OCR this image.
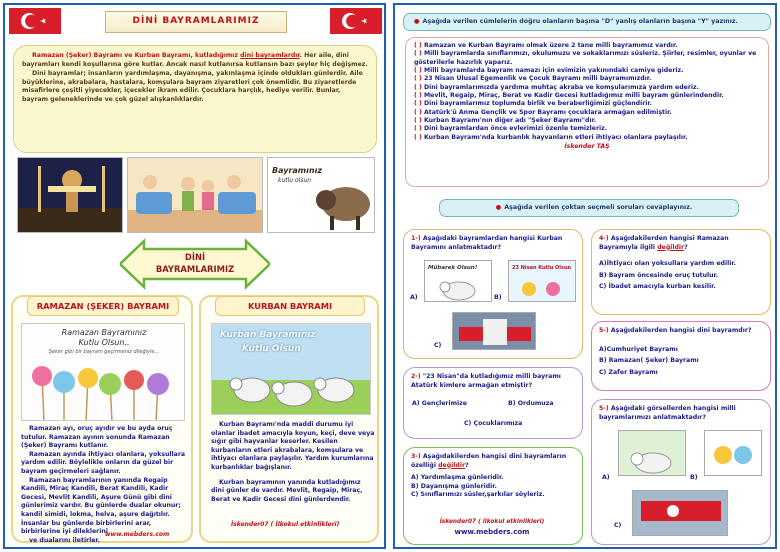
DİNİ BAYRAMLARIMIZ

Ramazan (Şeker) Bayramı ve Kurban Bayramı, kutladığımız dini bayramlardır. Her aile, dini bayramları kendi koşullarına göre kutlar. Ancak nasıl kutlanırsa kutlansın bazı şeyler hiç değişmez.

Dini bayramlar; insanların yardımlaşma, dayanışma, yakınlaşma içinde oldukları günlerdir. Aile büyüklerine, akrabalara, hastalara, komşulara bayram ziyaretleri çok önemlidir. Bu ziyaretlerde misafirlere çeşitli yiyecekler, içecekler ikram edilir. Çocuklara harçlık, hediye verilir. Bunlar, bayram geleneklerinde ve çok güzel alışkanlıklardır.

Bayramınız
kutlu olsun
DİNİ
BAYRAMLARIMIZ
RAMAZAN (ŞEKER) BAYRAMI
Ramazan Bayramınız
Kutlu Olsun..
Şeker gibi bir bayram geçirmeniz dileğiyle...

Ramazan ayı, oruç ayıdır ve bu ayda oruç tutulur. Ramazan ayının sonunda Ramazan (Şeker) Bayramı kutlanır.

Ramazan ayında ihtiyacı olanlara, yoksullara yardım edilir. Böylelikle onların da güzel bir bayram geçirmeleri sağlanır.

Ramazan bayramlarının yanında Regaip Kandili, Miraç Kandili, Berat Kandili, Kadir Gecesi, Mevlit Kandili, Aşure Günü gibi dini günlerimiz vardır. Bu günlerde dualar okunur; kandil simidi, lokma, helva, aşure dağıtılır. İnsanlar bu günlerde birbirlerini arar, birbirlerine iyi dileklerini

ve dualarını iletirler.

www.mebders.com
KURBAN BAYRAMI
Kurban Bayramınız
Kutlu Olsun

Kurban Bayramı'nda maddi durumu iyi olanlar ibadet amacıyla koyun, keçi, deve veya sığır gibi hayvanlar keserler. Kesilen kurbanların etleri akrabalara, komşulara ve ihtiyacı olanlara paylaşılır. Yardım kurumlarına kurbanlıklar bağışlanır.

Kurban bayramının yanında kutladığımız dini günler de vardır. Mevlit, Regaip, Miraç, Berat ve Kadir Gecesi dini günlerdendir.

İskender07 ( İlkokul etkinlikleri)
● Aşağıda verilen cümlelerin doğru olanların başına "D" yanlış olanların başına "Y" yazınız.
( ) Ramazan ve Kurban Bayramı olmak üzere 2 tane milli bayramımız vardır.
( ) Milli bayramlarda sınıflarımızı, okulumuzu ve sokaklarımızı süsleriz. Şiirler, resimler, oyunlar ve gösterilerle hazırlık yaparız.
( ) Milli bayramlarda bayram namazı için evimizin yakınındaki camiye gideriz.
( ) 23 Nisan Ulusal Egemenlik ve Çocuk Bayramı milli bayramımızdır.
( ) Dini bayramlarımızda yardıma muhtaç akraba ve komşularımıza yardım ederiz.
( ) Mevlit, Regaip, Miraç, Berat ve Kadir Gecesi kutladığımız milli bayram günlerindendir.
( ) Dini bayramlarımız toplumda birlik ve beraberliğimizi güçlendirir.
( ) Atatürk'ü Anma Gençlik ve Spor Bayramı çocuklara armağan edilmiştir.
( ) Kurban Bayramı'nın diğer adı "Şeker Bayramı"dır.
( ) Dini bayramlardan önce evlerimizi özenle temizleriz.
( ) Kurban Bayramı'nda kurbanlık hayvanların etleri ihtiyacı olanlara paylaşılır.
İskender TAŞ
● Aşağıda verilen çoktan seçmeli soruları cevaplayınız.
1-) Aşağıdaki bayramlardan hangisi Kurban Bayramını anlatmaktadır?
Mübarek Olsun!
A)
23 Nisan Kutlu Olsun
B)
C)
2-) "23 Nisan"da kutladığımız milli bayramı Atatürk kimlere armağan etmiştir?
A) Gençlerimize	B) Ordumuza
C) Çocuklarımıza
3-) Aşağıdakilerden hangisi dini bayramların özelliği değildir?
A) Yardımlaşma günleridir.
B) Dayanışma günleridir.
C) Sınıflarımızı süsler,şarkılar söyleriz.
İskender07 ( ilkokul etkinlikleri)
www.mebders.com
4-) Aşağıdakilerden hangisi Ramazan Bayramıyla ilgili değildir?
A)İhtiyacı olan yoksullara yardım edilir.
B) Bayram öncesinde oruç tutulur.
C) İbadet amacıyla kurban kesilir.
5-) Aşağıdakilerden hangisi dini bayramdır?
A)Cumhuriyet Bayramı
B) Ramazan( Şeker) Bayramı
C) Zafer Bayramı
5-) Aşağıdaki görsellerden hangisi milli bayramlarımızı anlatmaktadır?
A)	B)
C)
